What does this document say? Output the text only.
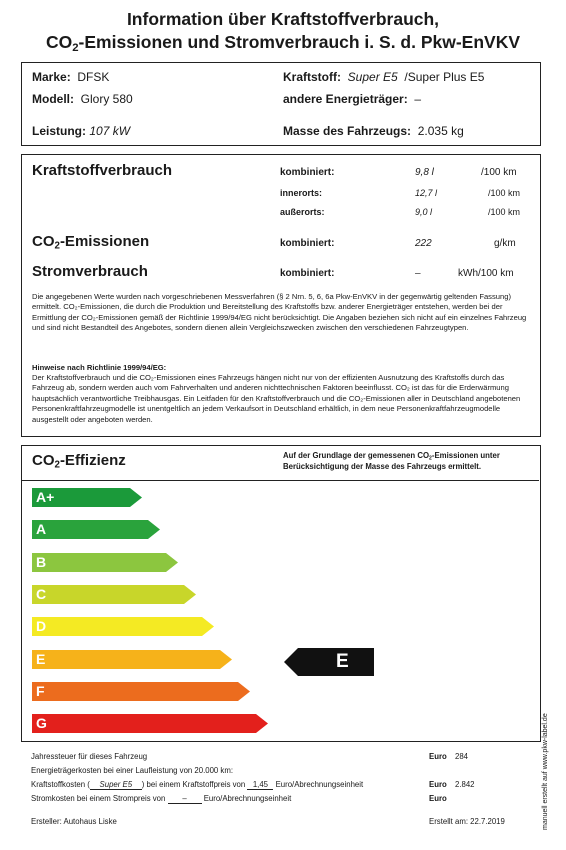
Information über Kraftstoffverbrauch,
$CO_2$-Emissionen und Stromverbrauch i. S. d. Pkw-EnVKV
Marke: DFSK
Modell: Glory 580
Leistung: 107 kW
Kraftstoff: Super E5 /Super Plus E5
andere Energieträger: –
Masse des Fahrzeugs: 2.035 kg
Kraftstoffverbrauch	kombiniert:	9,8 l	/100 km
innerorts:	12,7 l	/100 km
außerorts:	9,0 l	/100 km
$CO_2$-Emissionen	kombiniert:	222	g/km
Stromverbrauch	kombiniert:	–	kWh/100 km
Die angegebenen Werte wurden nach vorgeschriebenen Messverfahren (§ 2 Nrn. 5, 6, 6a Pkw-EnVKV in der gegenwärtig geltenden Fassung) ermittelt. CO₂-Emissionen, die durch die Produktion und Bereitstellung des Kraftstoffs bzw. anderer Energieträger entstehen, werden bei der Ermittlung der CO₂-Emissionen gemäß der Richtlinie 1999/94/EG nicht berücksichtigt. Die Angaben beziehen sich nicht auf ein einzelnes Fahrzeug und sind nicht Bestandteil des Angebotes, sondern dienen allein Vergleichszwecken zwischen den verschiedenen Fahrzeugtypen.
Hinweise nach Richtlinie 1999/94/EG:
Der Kraftstoffverbrauch und die CO₂-Emissionen eines Fahrzeugs hängen nicht nur von der effizienten Ausnutzung des Kraftstoffs durch das Fahrzeug ab, sondern werden auch vom Fahrverhalten und anderen nichttechnischen Faktoren beeinflusst. CO₂ ist das für die Erderwärmung hauptsächlich verantwortliche Treibhausgas. Ein Leitfaden für den Kraftstoffverbrauch und die CO₂-Emissionen aller in Deutschland angebotenen Personenkraftfahrzeugmodelle ist unentgeltlich an jedem Verkaufsort in Deutschland erhältlich, in dem neue Personenkraftfahrzeugmodelle ausgestellt oder angeboten werden.
$CO_2$-Effizienz	Auf der Grundlage der gemessenen $CO_2$-Emissionen unter
Berücksichtigung der Masse des Fahrzeugs ermittelt.
A+
A
B
C
D
E
F
G
E
Jahressteuer für dieses Fahrzeug	Euro 284
Energieträgerkosten bei einer Laufleistung von 20.000 km:
Kraftstoffkosten ( Super E5 ) bei einem Kraftstoffpreis von 1,45 Euro/Abrechnungseinheit	Euro 2.842
Stromkosten bei einem Strompreis von – Euro/Abrechnungseinheit	Euro
Ersteller: Autohaus Liske	Erstellt am: 22.7.2019	manuell erstellt auf www.pkw-label.de
